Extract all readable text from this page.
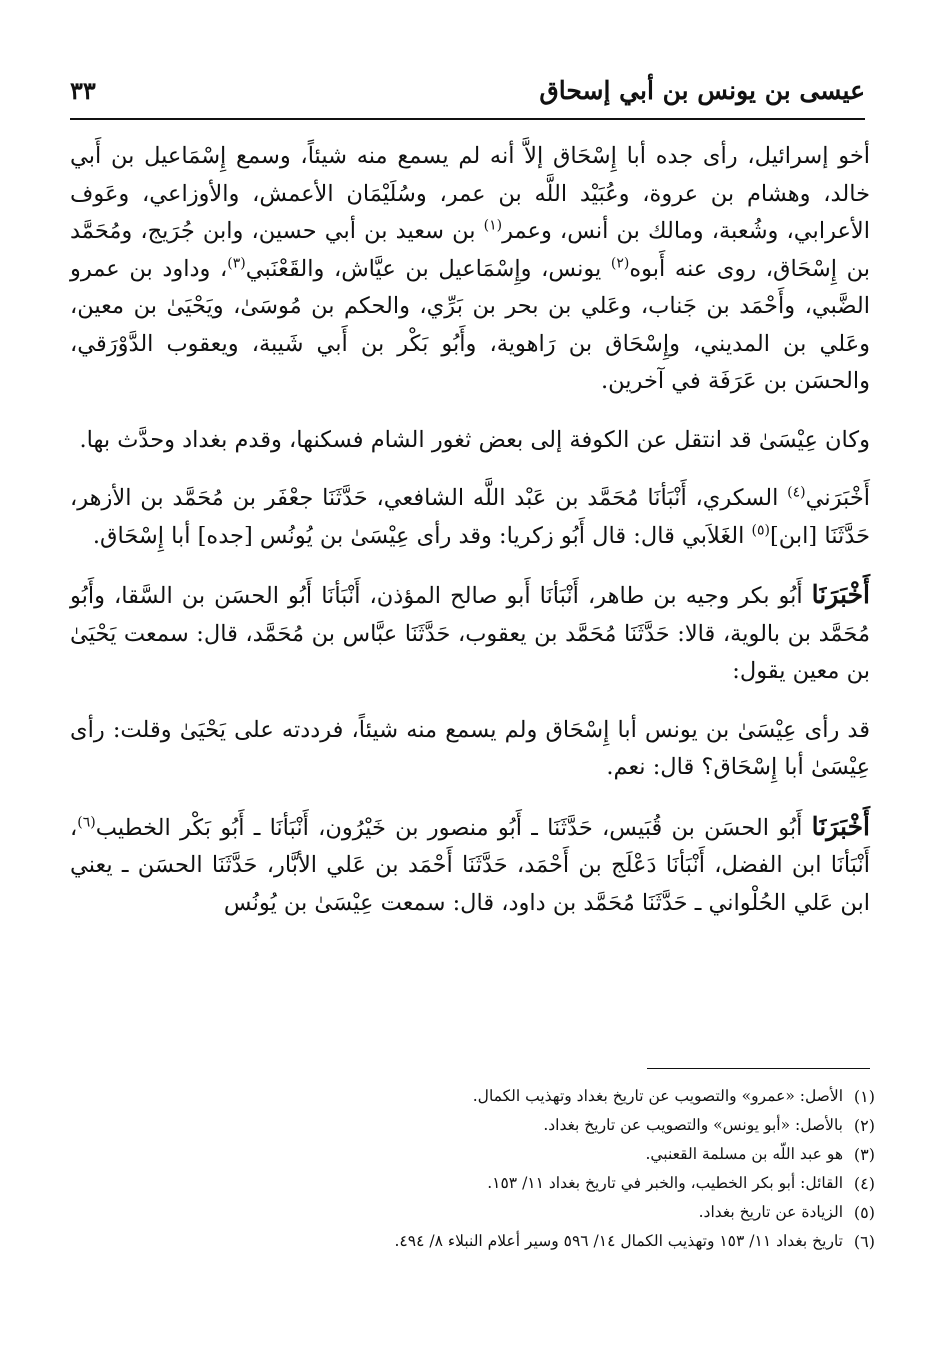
عيسى بن يونس بن أبي إسحاق
٣٣

أخو إسرائيل، رأى جده أبا إِسْحَاق إلاَّ أنه لم يسمع منه شيئاً، وسمع إِسْمَاعيل بن أَبي خالد، وهشام بن عروة، وعُبَيْد اللَّه بن عمر، وسُلَيْمَان الأعمش، والأوزاعي، وعَوف الأعرابي، وشُعبة، ومالك بن أنس، وعمر$^{(١)}$ بن سعيد بن أبي حسين، وابن جُرَيج، ومُحَمَّد بن إِسْحَاق، روى عنه أَبوه$^{(٢)}$ يونس، وإِسْمَاعيل بن عيَّاش، والقَعْنَبي$^{(٣)}$، وداود بن عمرو الضَّبي، وأَحْمَد بن جَناب، وعَلي بن بحر بن بَرِّي، والحكم بن مُوسَىٰ، ويَحْيَىٰ بن معين، وعَلي بن المديني، وإِسْحَاق بن رَاهوية، وأَبُو بَكْر بن أَبي شَيبة، ويعقوب الدَّوْرَقي، والحسَن بن عَرَفَة في آخرين.

وكان عِيْسَىٰ قد انتقل عن الكوفة إلى بعض ثغور الشام فسكنها، وقدم بغداد وحدَّث بها.

أَخْبَرَني$^{(٤)}$ السكري، أَنْبَأنَا مُحَمَّد بن عَبْد اللَّه الشافعي، حَدَّثَنَا جعْفَر بن مُحَمَّد بن الأزهر، حَدَّثَنَا [ابن]$^{(٥)}$ الغَلاَبي قال: قال أَبُو زكريا: وقد رأى عِيْسَىٰ بن يُونُس [جده] أبا إِسْحَاق.

أَخْبَرَنَا أَبُو بكر وجيه بن طاهر، أَنْبَأنَا أَبو صالح المؤذن، أَنْبَأنَا أَبُو الحسَن بن السَّقا، وأَبُو مُحَمَّد بن بالوية، قالا: حَدَّثَنَا مُحَمَّد بن يعقوب، حَدَّثَنَا عبَّاس بن مُحَمَّد، قال: سمعت يَحْيَىٰ بن معين يقول:

قد رأى عِيْسَىٰ بن يونس أبا إِسْحَاق ولم يسمع منه شيئاً، فرددته على يَحْيَىٰ وقلت: رأى عِيْسَىٰ أبا إِسْحَاق؟ قال: نعم.

أَخْبَرَنَا أَبُو الحسَن بن قُبَيس، حَدَّثَنَا ـ أَبُو منصور بن خَيْرُون، أَنْبَأنَا ـ أَبُو بَكْر الخطيب$^{(٦)}$، أَنْبَأنَا ابن الفضل، أَنْبَأنَا دَعْلَج بن أَحْمَد، حَدَّثَنَا أَحْمَد بن عَلي الأبَّار، حَدَّثَنَا الحسَن ـ يعني ابن عَلي الحُلْواني ـ حَدَّثَنَا مُحَمَّد بن داود، قال: سمعت عِيْسَىٰ بن يُونُس

(١)
الأصل: «عمرو» والتصويب عن تاريخ بغداد وتهذيب الكمال.
(٢)
بالأصل: «أبو يونس» والتصويب عن تاريخ بغداد.
(٣)
هو عبد اللّه بن مسلمة القعنبي.
(٤)
القائل: أبو بكر الخطيب، والخبر في تاريخ بغداد ١١/ ١٥٣.
(٥)
الزيادة عن تاريخ بغداد.
(٦)
تاريخ بغداد ١١/ ١٥٣ وتهذيب الكمال ١٤/ ٥٩٦ وسير أعلام النبلاء ٨/ ٤٩٤.
